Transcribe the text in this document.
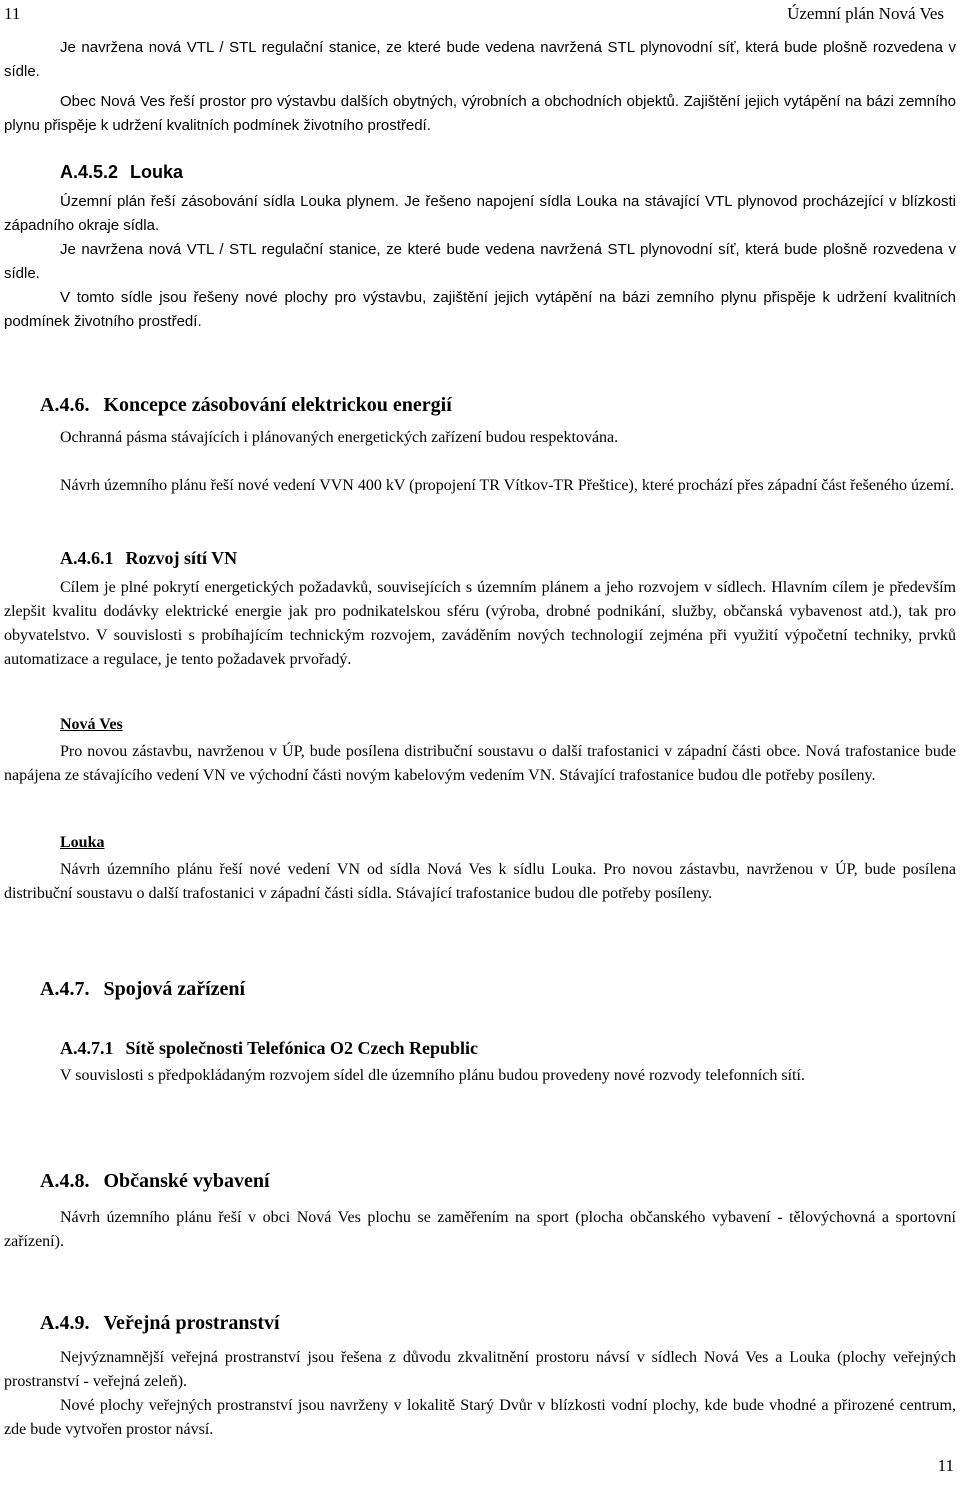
11	Územní plán Nová Ves

Je navržena nová VTL / STL regulační stanice, ze které bude vedena navržená STL plynovodní síť, která bude plošně rozvedena v sídle.

Obec Nová Ves řeší prostor pro výstavbu dalších obytných, výrobních a obchodních objektů. Zajištění jejich vytápění na bázi zemního plynu přispěje k udržení kvalitních podmínek životního prostředí.

A.4.5.2 Louka

Územní plán řeší zásobování sídla Louka plynem. Je řešeno napojení sídla Louka na stávající VTL plynovod procházející v blízkosti západního okraje sídla.

Je navržena nová VTL / STL regulační stanice, ze které bude vedena navržená STL plynovodní síť, která bude plošně rozvedena v sídle.

V tomto sídle jsou řešeny nové plochy pro výstavbu, zajištění jejich vytápění na bázi zemního plynu přispěje k udržení kvalitních podmínek životního prostředí.

A.4.6. Koncepce zásobování elektrickou energií

Ochranná pásma stávajících i plánovaných energetických zařízení budou respektována.

Návrh územního plánu řeší nové vedení VVN 400 kV (propojení TR Vítkov-TR Přeštice), které prochází přes západní část řešeného území.

A.4.6.1 Rozvoj sítí VN

Cílem je plné pokrytí energetických požadavků, souvisejících s územním plánem a jeho rozvojem v sídlech. Hlavním cílem je především zlepšit kvalitu dodávky elektrické energie jak pro podnikatelskou sféru (výroba, drobné podnikání, služby, občanská vybavenost atd.), tak pro obyvatelstvo. V souvislosti s probíhajícím technickým rozvojem, zaváděním nových technologií zejména při využití výpočetní techniky, prvků automatizace a regulace, je tento požadavek prvořadý.

Nová Ves

Pro novou zástavbu, navrženou v ÚP, bude posílena distribuční soustavu o další trafostanici v západní části obce. Nová trafostanice bude napájena ze stávajícího vedení VN ve východní části novým kabelovým vedením VN. Stávající trafostanice budou dle potřeby posíleny.

Louka

Návrh územního plánu řeší nové vedení VN od sídla Nová Ves k sídlu Louka. Pro novou zástavbu, navrženou v ÚP, bude posílena distribuční soustavu o další trafostanici v západní části sídla. Stávající trafostanice budou dle potřeby posíleny.

A.4.7. Spojová zařízení
A.4.7.1 Sítě společnosti Telefónica O2 Czech Republic

V souvislosti s předpokládaným rozvojem sídel dle územního plánu budou provedeny nové rozvody telefonních sítí.

A.4.8. Občanské vybavení

Návrh územního plánu řeší v obci Nová Ves plochu se zaměřením na sport (plocha občanského vybavení - tělovýchovná a sportovní zařízení).

A.4.9. Veřejná prostranství

Nejvýznamnější veřejná prostranství jsou řešena z důvodu zkvalitnění prostoru návsí v sídlech Nová Ves a Louka (plochy veřejných prostranství - veřejná zeleň).

Nové plochy veřejných prostranství jsou navrženy v lokalitě Starý Dvůr v blízkosti vodní plochy, kde bude vhodné a přirozené centrum, zde bude vytvořen prostor návsí.

11
